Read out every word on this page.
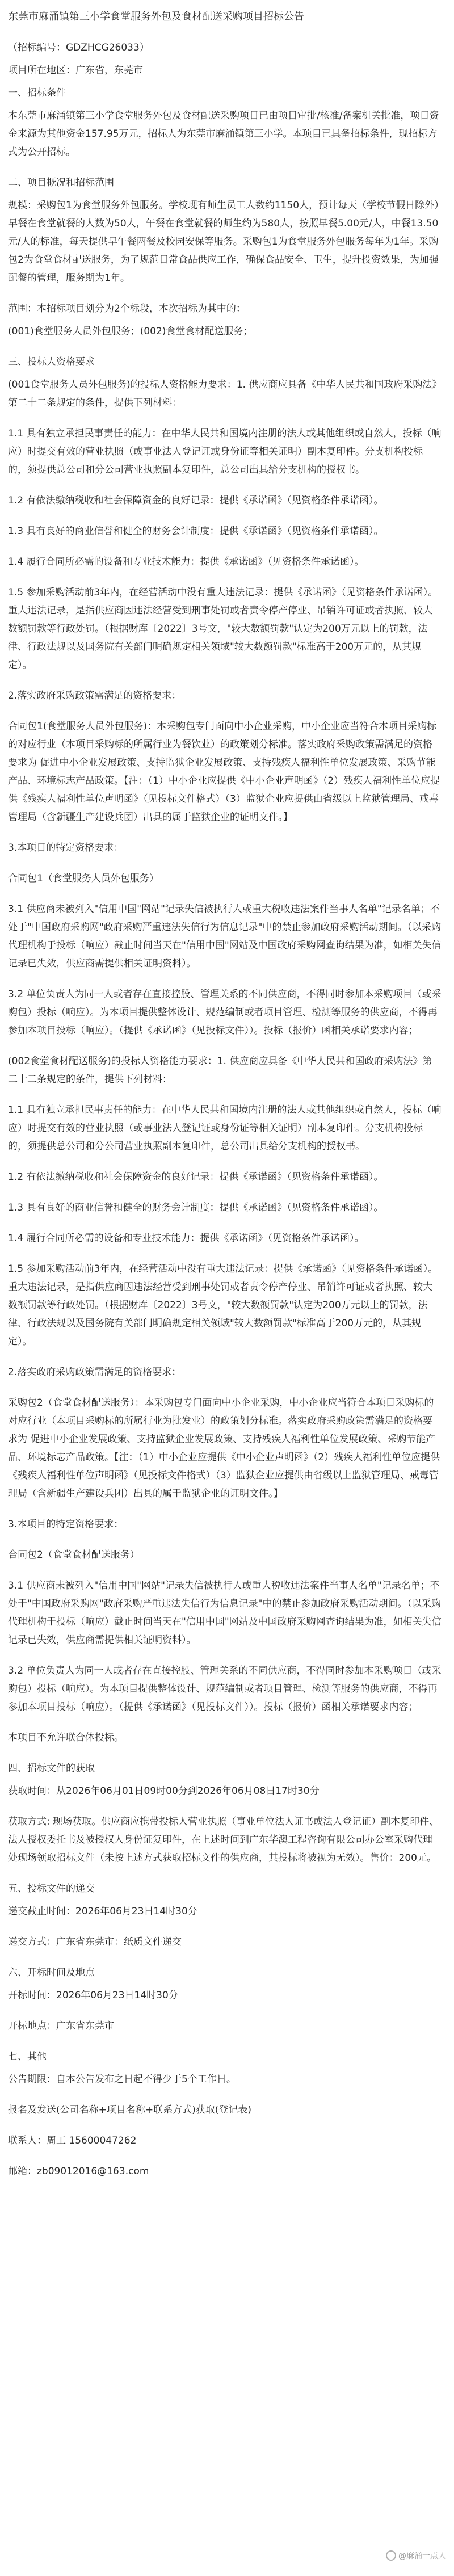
东莞市麻涌镇第三小学食堂服务外包及食材配送采购项目招标公告

（招标编号：GDZHCG26033）

项目所在地区：广东省，东莞市

一、招标条件

本东莞市麻涌镇第三小学食堂服务外包及食材配送采购项目已由项目审批/核准/备案机关批准，项目资金来源为其他资金157.95万元，招标人为东莞市麻涌镇第三小学。本项目已具备招标条件，现招标方式为公开招标。

二、项目概况和招标范围

规模：采购包1为食堂服务外包服务。学校现有师生员工人数约1150人，预计每天（学校节假日除外）早餐在食堂就餐的人数为50人，午餐在食堂就餐的师生约为580人，按照早餐5.00元/人，中餐13.50元/人的标准，每天提供早午餐两餐及校园安保等服务。采购包1为食堂服务外包服务每年为1年。采购包2为食堂食材配送服务，为了规范日常食品供应工作，确保食品安全、卫生，提升投资效果，为加强配餐的管理，服务期为1年。

范围：本招标项目划分为2个标段，本次招标为其中的：

(001)食堂服务人员外包服务；(002)食堂食材配送服务；

三、投标人资格要求

(001食堂服务人员外包服务)的投标人资格能力要求：1. 供应商应具备《中华人民共和国政府采购法》第二十二条规定的条件，提供下列材料：

1.1 具有独立承担民事责任的能力：在中华人民共和国境内注册的法人或其他组织或自然人，投标（响应）时提交有效的营业执照（或事业法人登记证或身份证等相关证明）副本复印件。分支机构投标的，须提供总公司和分公司营业执照副本复印件，总公司出具给分支机构的授权书。

1.2 有依法缴纳税收和社会保障资金的良好记录：提供《承诺函》（见资格条件承诺函）。

1.3 具有良好的商业信誉和健全的财务会计制度：提供《承诺函》（见资格条件承诺函）。

1.4 履行合同所必需的设备和专业技术能力：提供《承诺函》（见资格条件承诺函）。

1.5 参加采购活动前3年内，在经营活动中没有重大违法记录：提供《承诺函》（见资格条件承诺函）。重大违法记录，是指供应商因违法经营受到刑事处罚或者责令停产停业、吊销许可证或者执照、较大数额罚款等行政处罚。（根据财库〔2022〕3号文，"较大数额罚款"认定为200万元以上的罚款，法律、行政法规以及国务院有关部门明确规定相关领域"较大数额罚款"标准高于200万元的，从其规定）。

2.落实政府采购政策需满足的资格要求：

合同包1(食堂服务人员外包服务)：本采购包专门面向中小企业采购，中小企业应当符合本项目采购标的对应行业（本项目采购标的所属行业为餐饮业）的政策划分标准。落实政府采购政策需满足的资格要求为 促进中小企业发展政策、支持监狱企业发展政策、支持残疾人福利性单位发展政策、采购节能产品、环境标志产品政策。【注：（1）中小企业应提供《中小企业声明函》（2）残疾人福利性单位应提供《残疾人福利性单位声明函》（见投标文件格式）（3）监狱企业应提供由省级以上监狱管理局、戒毒管理局（含新疆生产建设兵团）出具的属于监狱企业的证明文件。】

3.本项目的特定资格要求：

合同包1（食堂服务人员外包服务）

3.1 供应商未被列入"信用中国"网站"记录失信被执行人或重大税收违法案件当事人名单"记录名单；不处于"中国政府采购网"政府采购严重违法失信行为信息记录"中的禁止参加政府采购活动期间。（以采购代理机构于投标（响应）截止时间当天在"信用中国"网站及中国政府采购网查询结果为准，如相关失信记录已失效，供应商需提供相关证明资料）。

3.2 单位负责人为同一人或者存在直接控股、管理关系的不同供应商，不得同时参加本采购项目（或采购包）投标（响应）。为本项目提供整体设计、规范编制或者项目管理、检测等服务的供应商，不得再参加本项目投标（响应）。（提供《承诺函》（见投标文件））。投标（报价）函相关承诺要求内容；

(002食堂食材配送服务)的投标人资格能力要求：1. 供应商应具备《中华人民共和国政府采购法》第二十二条规定的条件，提供下列材料：

1.1 具有独立承担民事责任的能力：在中华人民共和国境内注册的法人或其他组织或自然人，投标（响应）时提交有效的营业执照（或事业法人登记证或身份证等相关证明）副本复印件。分支机构投标的，须提供总公司和分公司营业执照副本复印件，总公司出具给分支机构的授权书。

1.2 有依法缴纳税收和社会保障资金的良好记录：提供《承诺函》（见资格条件承诺函）。

1.3 具有良好的商业信誉和健全的财务会计制度：提供《承诺函》（见资格条件承诺函）。

1.4 履行合同所必需的设备和专业技术能力：提供《承诺函》（见资格条件承诺函）。

1.5 参加采购活动前3年内，在经营活动中没有重大违法记录：提供《承诺函》（见资格条件承诺函）。重大违法记录，是指供应商因违法经营受到刑事处罚或者责令停产停业、吊销许可证或者执照、较大数额罚款等行政处罚。（根据财库〔2022〕3号文，"较大数额罚款"认定为200万元以上的罚款，法律、行政法规以及国务院有关部门明确规定相关领域"较大数额罚款"标准高于200万元的，从其规定）。

2.落实政府采购政策需满足的资格要求：

采购包2（食堂食材配送服务）：本采购包专门面向中小企业采购，中小企业应当符合本项目采购标的对应行业（本项目采购标的所属行业为批发业）的政策划分标准。落实政府采购政策需满足的资格要求为 促进中小企业发展政策、支持监狱企业发展政策、支持残疾人福利性单位发展政策、采购节能产品、环境标志产品政策。【注：（1）中小企业应提供《中小企业声明函》（2）残疾人福利性单位应提供《残疾人福利性单位声明函》（见投标文件格式）（3）监狱企业应提供由省级以上监狱管理局、戒毒管理局（含新疆生产建设兵团）出具的属于监狱企业的证明文件。】

3.本项目的特定资格要求：

合同包2（食堂食材配送服务）

3.1 供应商未被列入"信用中国"网站"记录失信被执行人或重大税收违法案件当事人名单"记录名单；不处于"中国政府采购网"政府采购严重违法失信行为信息记录"中的禁止参加政府采购活动期间。（以采购代理机构于投标（响应）截止时间当天在"信用中国"网站及中国政府采购网查询结果为准，如相关失信记录已失效，供应商需提供相关证明资料）。

3.2 单位负责人为同一人或者存在直接控股、管理关系的不同供应商，不得同时参加本采购项目（或采购包）投标（响应）。为本项目提供整体设计、规范编制或者项目管理、检测等服务的供应商，不得再参加本项目投标（响应）。（提供《承诺函》（见投标文件））。投标（报价）函相关承诺要求内容；

本项目不允许联合体投标。

四、招标文件的获取

获取时间：从2026年06月01日09时00分到2026年06月08日17时30分

获取方式: 现场获取。供应商应携带投标人营业执照（事业单位法人证书或法人登记证）副本复印件、法人授权委托书及被授权人身份证复印件，在上述时间到广东华澳工程咨询有限公司办公室采购代理处现场领取招标文件（未按上述方式获取招标文件的供应商，其投标将被视为无效）。售价：200元。

五、投标文件的递交

递交截止时间：2026年06月23日14时30分

递交方式：广东省东莞市：纸质文件递交

六、开标时间及地点

开标时间：2026年06月23日14时30分

开标地点：广东省东莞市

七、其他

公告期限：自本公告发布之日起不得少于5个工作日。

报名及发送(公司名称+项目名称+联系方式)获取(登记表)

联系人：周工 15600047262

邮箱：zb09012016@163.com

@麻涌一点人
